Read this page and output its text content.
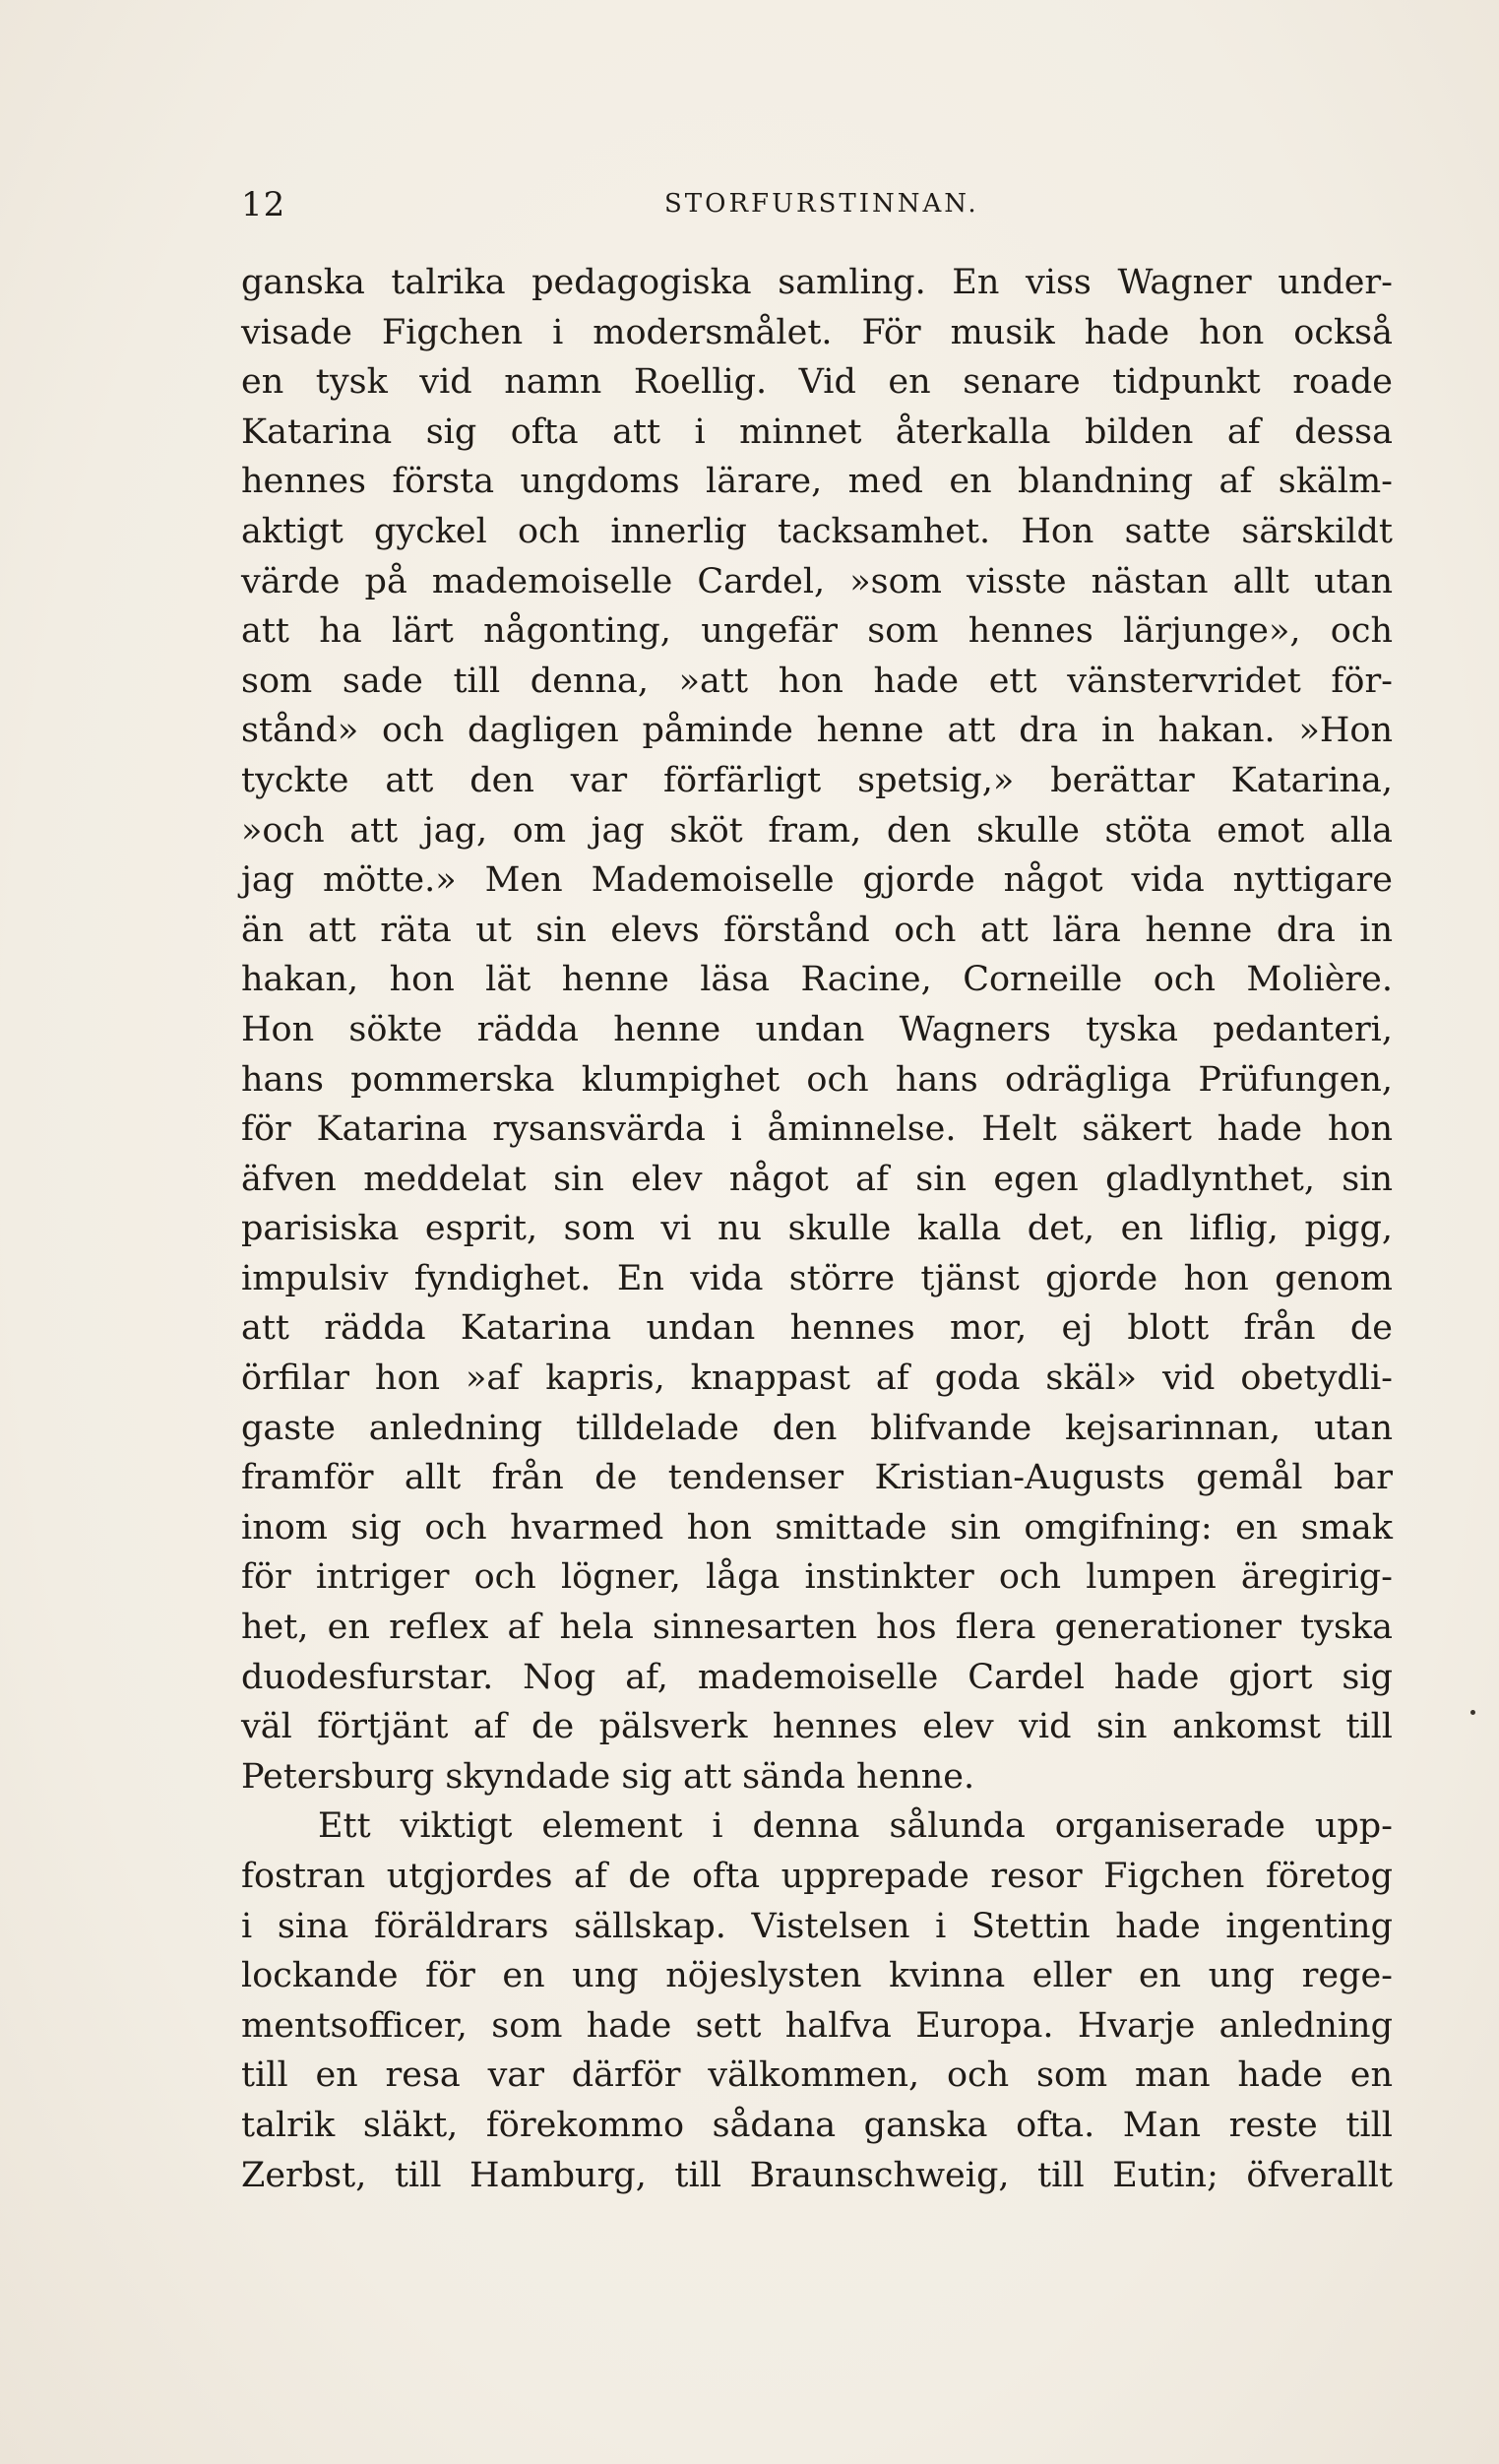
12	STORFURSTINNAN.
ganska talrika pedagogiska samling. En viss Wagner under-
visade Figchen i modersmålet. För musik hade hon också
en tysk vid namn Roellig. Vid en senare tidpunkt roade
Katarina sig ofta att i minnet återkalla bilden af dessa
hennes första ungdoms lärare, med en blandning af skälm-
aktigt gyckel och innerlig tacksamhet. Hon satte särskildt
värde på mademoiselle Cardel, »som visste nästan allt utan
att ha lärt någonting, ungefär som hennes lärjunge», och
som sade till denna, »att hon hade ett vänstervridet för-
stånd» och dagligen påminde henne att dra in hakan. »Hon
tyckte att den var förfärligt spetsig,» berättar Katarina,
»och att jag, om jag sköt fram, den skulle stöta emot alla
jag mötte.» Men Mademoiselle gjorde något vida nyttigare
än att räta ut sin elevs förstånd och att lära henne dra in
hakan, hon lät henne läsa Racine, Corneille och Molière.
Hon sökte rädda henne undan Wagners tyska pedanteri,
hans pommerska klumpighet och hans odrägliga Prüfungen,
för Katarina rysansvärda i åminnelse. Helt säkert hade hon
äfven meddelat sin elev något af sin egen gladlynthet, sin
parisiska esprit, som vi nu skulle kalla det, en liflig, pigg,
impulsiv fyndighet. En vida större tjänst gjorde hon genom
att rädda Katarina undan hennes mor, ej blott från de
örfilar hon »af kapris, knappast af goda skäl» vid obetydli-
gaste anledning tilldelade den blifvande kejsarinnan, utan
framför allt från de tendenser Kristian-Augusts gemål bar
inom sig och hvarmed hon smittade sin omgifning: en smak
för intriger och lögner, låga instinkter och lumpen äregirig-
het, en reflex af hela sinnesarten hos flera generationer tyska
duodesfurstar. Nog af, mademoiselle Cardel hade gjort sig
väl förtjänt af de pälsverk hennes elev vid sin ankomst till
Petersburg skyndade sig att sända henne.
Ett viktigt element i denna sålunda organiserade upp-
fostran utgjordes af de ofta upprepade resor Figchen företog
i sina föräldrars sällskap. Vistelsen i Stettin hade ingenting
lockande för en ung nöjeslysten kvinna eller en ung rege-
mentsofficer, som hade sett halfva Europa. Hvarje anledning
till en resa var därför välkommen, och som man hade en
talrik släkt, förekommo sådana ganska ofta. Man reste till
Zerbst, till Hamburg, till Braunschweig, till Eutin; öfverallt
